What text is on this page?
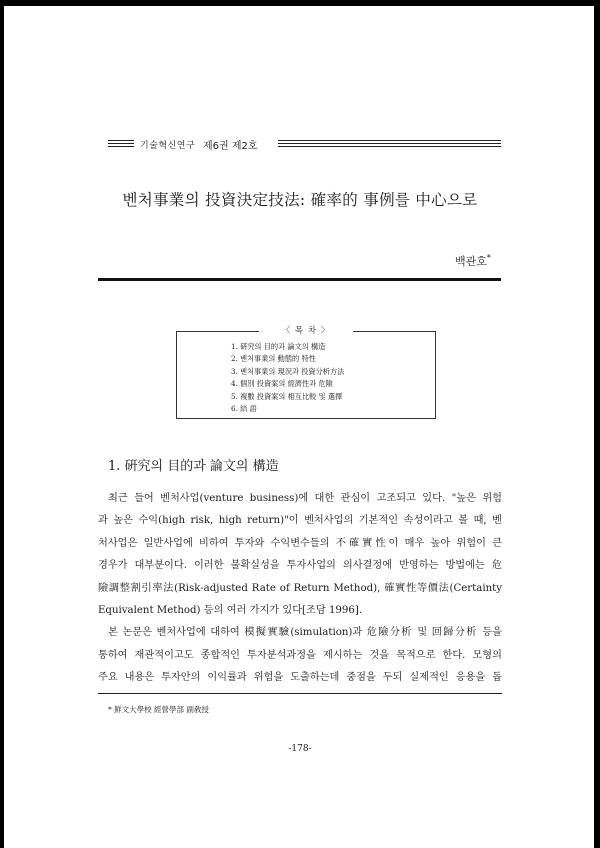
기술혁신연구 제6권 제2호
벤처事業의 投資決定技法: 確率的 事例를 中心으로
백관호*
〈 목 차 〉
1. 硏究의 目的과 論文의 構造
2. 벤처事業의 動態的 特性
3. 벤처事業의 現況과 投資分析方法
4. 個別 投資案의 經濟性과 危險
5. 複數 投資案의 相互比較 및 選擇
6. 結 語
1. 硏究의 目的과 論文의 構造
최근 들어 벤처사업(venture business)에 대한 관심이 고조되고 있다. "높은 위험
과 높은 수익(high risk, high return)"이 벤처사업의 기본적인 속성이라고 볼 때, 벤
처사업은 일반사업에 비하여 투자와 수익변수들의 不確實性이 매우 높아 위험이 큰
경우가 대부분이다. 이러한 불확실성을 투자사업의 의사결정에 반영하는 방법에는 危
險調整割引率法(Risk-adjusted Rate of Return Method), 確實性等價法(Certainty
Equivalent Method) 등의 여러 가지가 있다[조담 1996].
본 논문은 벤처사업에 대하여 模擬實驗(simulation)과 危險分析 및 回歸分析 등을
통하여 재관적이고도 종합적인 투자분석과정을 제시하는 것을 목적으로 한다. 모형의
주요 내용은 투자안의 이익률과 위험을 도출하는데 중점을 두되 실제적인 응용을 돕
* 鮮文大學校 經營學部 副敎授
-178-
